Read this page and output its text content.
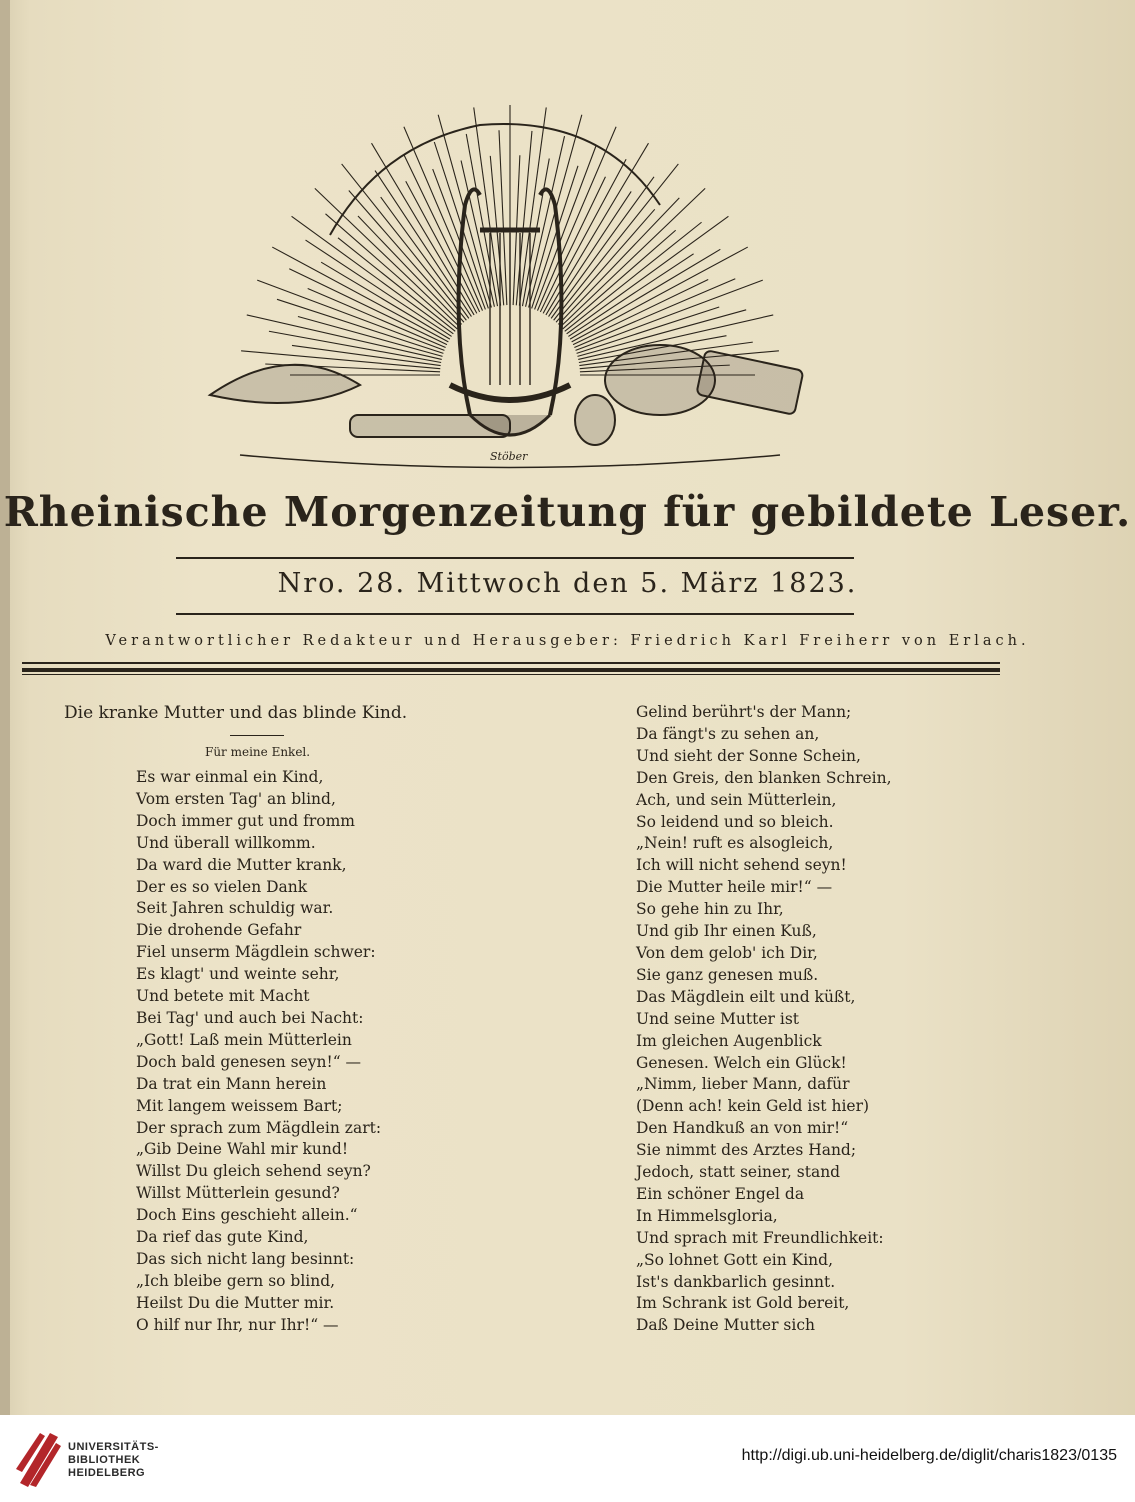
Stöber
Rheinische Morgenzeitung für gebildete Leser.
Nro. 28. Mittwoch den 5. März 1823.
Verantwortlicher Redakteur und Herausgeber: Friedrich Karl Freiherr von Erlach.
Die kranke Mutter und das blinde Kind.
Für meine Enkel.
Es war einmal ein Kind,
Vom ersten Tag' an blind,
Doch immer gut und fromm
Und überall willkomm.
Da ward die Mutter krank,
Der es so vielen Dank
Seit Jahren schuldig war.
Die drohende Gefahr
Fiel unserm Mägdlein schwer:
Es klagt' und weinte sehr,
Und betete mit Macht
Bei Tag' und auch bei Nacht:
„Gott! Laß mein Mütterlein
Doch bald genesen seyn!“ —
Da trat ein Mann herein
Mit langem weissem Bart;
Der sprach zum Mägdlein zart:
„Gib Deine Wahl mir kund!
Willst Du gleich sehend seyn?
Willst Mütterlein gesund?
Doch Eins geschieht allein.“
Da rief das gute Kind,
Das sich nicht lang besinnt:
„Ich bleibe gern so blind,
Heilst Du die Mutter mir.
O hilf nur Ihr, nur Ihr!“ —
Gelind berührt's der Mann;
Da fängt's zu sehen an,
Und sieht der Sonne Schein,
Den Greis, den blanken Schrein,
Ach, und sein Mütterlein,
So leidend und so bleich.
„Nein! ruft es alsogleich,
Ich will nicht sehend seyn!
Die Mutter heile mir!“ —
So gehe hin zu Ihr,
Und gib Ihr einen Kuß,
Von dem gelob' ich Dir,
Sie ganz genesen muß.
Das Mägdlein eilt und küßt,
Und seine Mutter ist
Im gleichen Augenblick
Genesen. Welch ein Glück!
„Nimm, lieber Mann, dafür
(Denn ach! kein Geld ist hier)
Den Handkuß an von mir!“
Sie nimmt des Arztes Hand;
Jedoch, statt seiner, stand
Ein schöner Engel da
In Himmelsgloria,
Und sprach mit Freundlichkeit:
„So lohnet Gott ein Kind,
Ist's dankbarlich gesinnt.
Im Schrank ist Gold bereit,
Daß Deine Mutter sich
UNIVERSITÄTS-
BIBLIOTHEK
HEIDELBERG
http://digi.ub.uni-heidelberg.de/diglit/charis1823/0135
